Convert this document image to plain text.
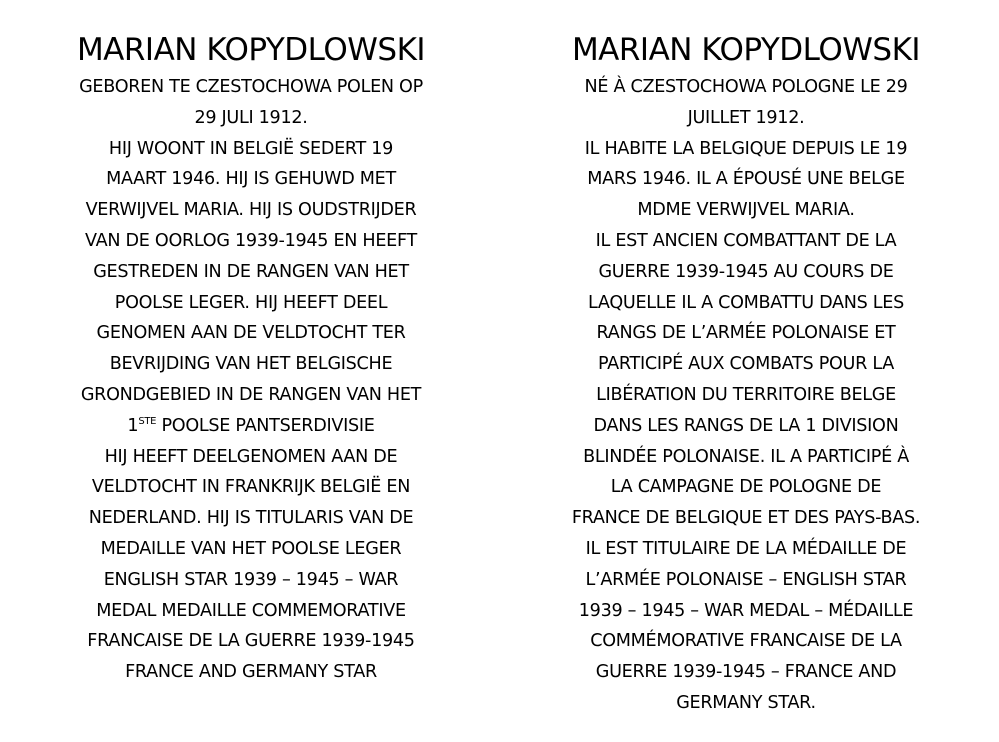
MARIAN KOPYDLOWSKI
GEBOREN TE CZESTOCHOWA POLEN OP
29 JULI 1912.
HIJ WOONT IN BELGIË SEDERT 19
MAART 1946. HIJ IS GEHUWD MET
VERWIJVEL MARIA. HIJ IS OUDSTRIJDER
VAN DE OORLOG 1939-1945 EN HEEFT
GESTREDEN IN DE RANGEN VAN HET
POOLSE LEGER. HIJ HEEFT DEEL
GENOMEN AAN DE VELDTOCHT TER
BEVRIJDING VAN HET BELGISCHE
GRONDGEBIED IN DE RANGEN VAN HET
1STE POOLSE PANTSERDIVISIE
HIJ HEEFT DEELGENOMEN AAN DE
VELDTOCHT IN FRANKRIJK BELGIË EN
NEDERLAND. HIJ IS TITULARIS VAN DE
MEDAILLE VAN HET POOLSE LEGER
ENGLISH STAR 1939 – 1945 – WAR
MEDAL MEDAILLE COMMEMORATIVE
FRANCAISE DE LA GUERRE 1939-1945
FRANCE AND GERMANY STAR
MARIAN KOPYDLOWSKI
NÉ À CZESTOCHOWA POLOGNE LE 29
JUILLET 1912.
IL HABITE LA BELGIQUE DEPUIS LE 19
MARS 1946. IL A ÉPOUSÉ UNE BELGE
MDME VERWIJVEL MARIA.
IL EST ANCIEN COMBATTANT DE LA
GUERRE 1939-1945 AU COURS DE
LAQUELLE IL A COMBATTU DANS LES
RANGS DE L’ARMÉE POLONAISE ET
PARTICIPÉ AUX COMBATS POUR LA
LIBÉRATION DU TERRITOIRE BELGE
DANS LES RANGS DE LA 1 DIVISION
BLINDÉE POLONAISE. IL A PARTICIPÉ À
LA CAMPAGNE DE POLOGNE DE
FRANCE DE BELGIQUE ET DES PAYS-BAS.
IL EST TITULAIRE DE LA MÉDAILLE DE
L’ARMÉE POLONAISE – ENGLISH STAR
1939 – 1945 – WAR MEDAL – MÉDAILLE
COMMÉMORATIVE FRANCAISE DE LA
GUERRE 1939-1945 – FRANCE AND
GERMANY STAR.
